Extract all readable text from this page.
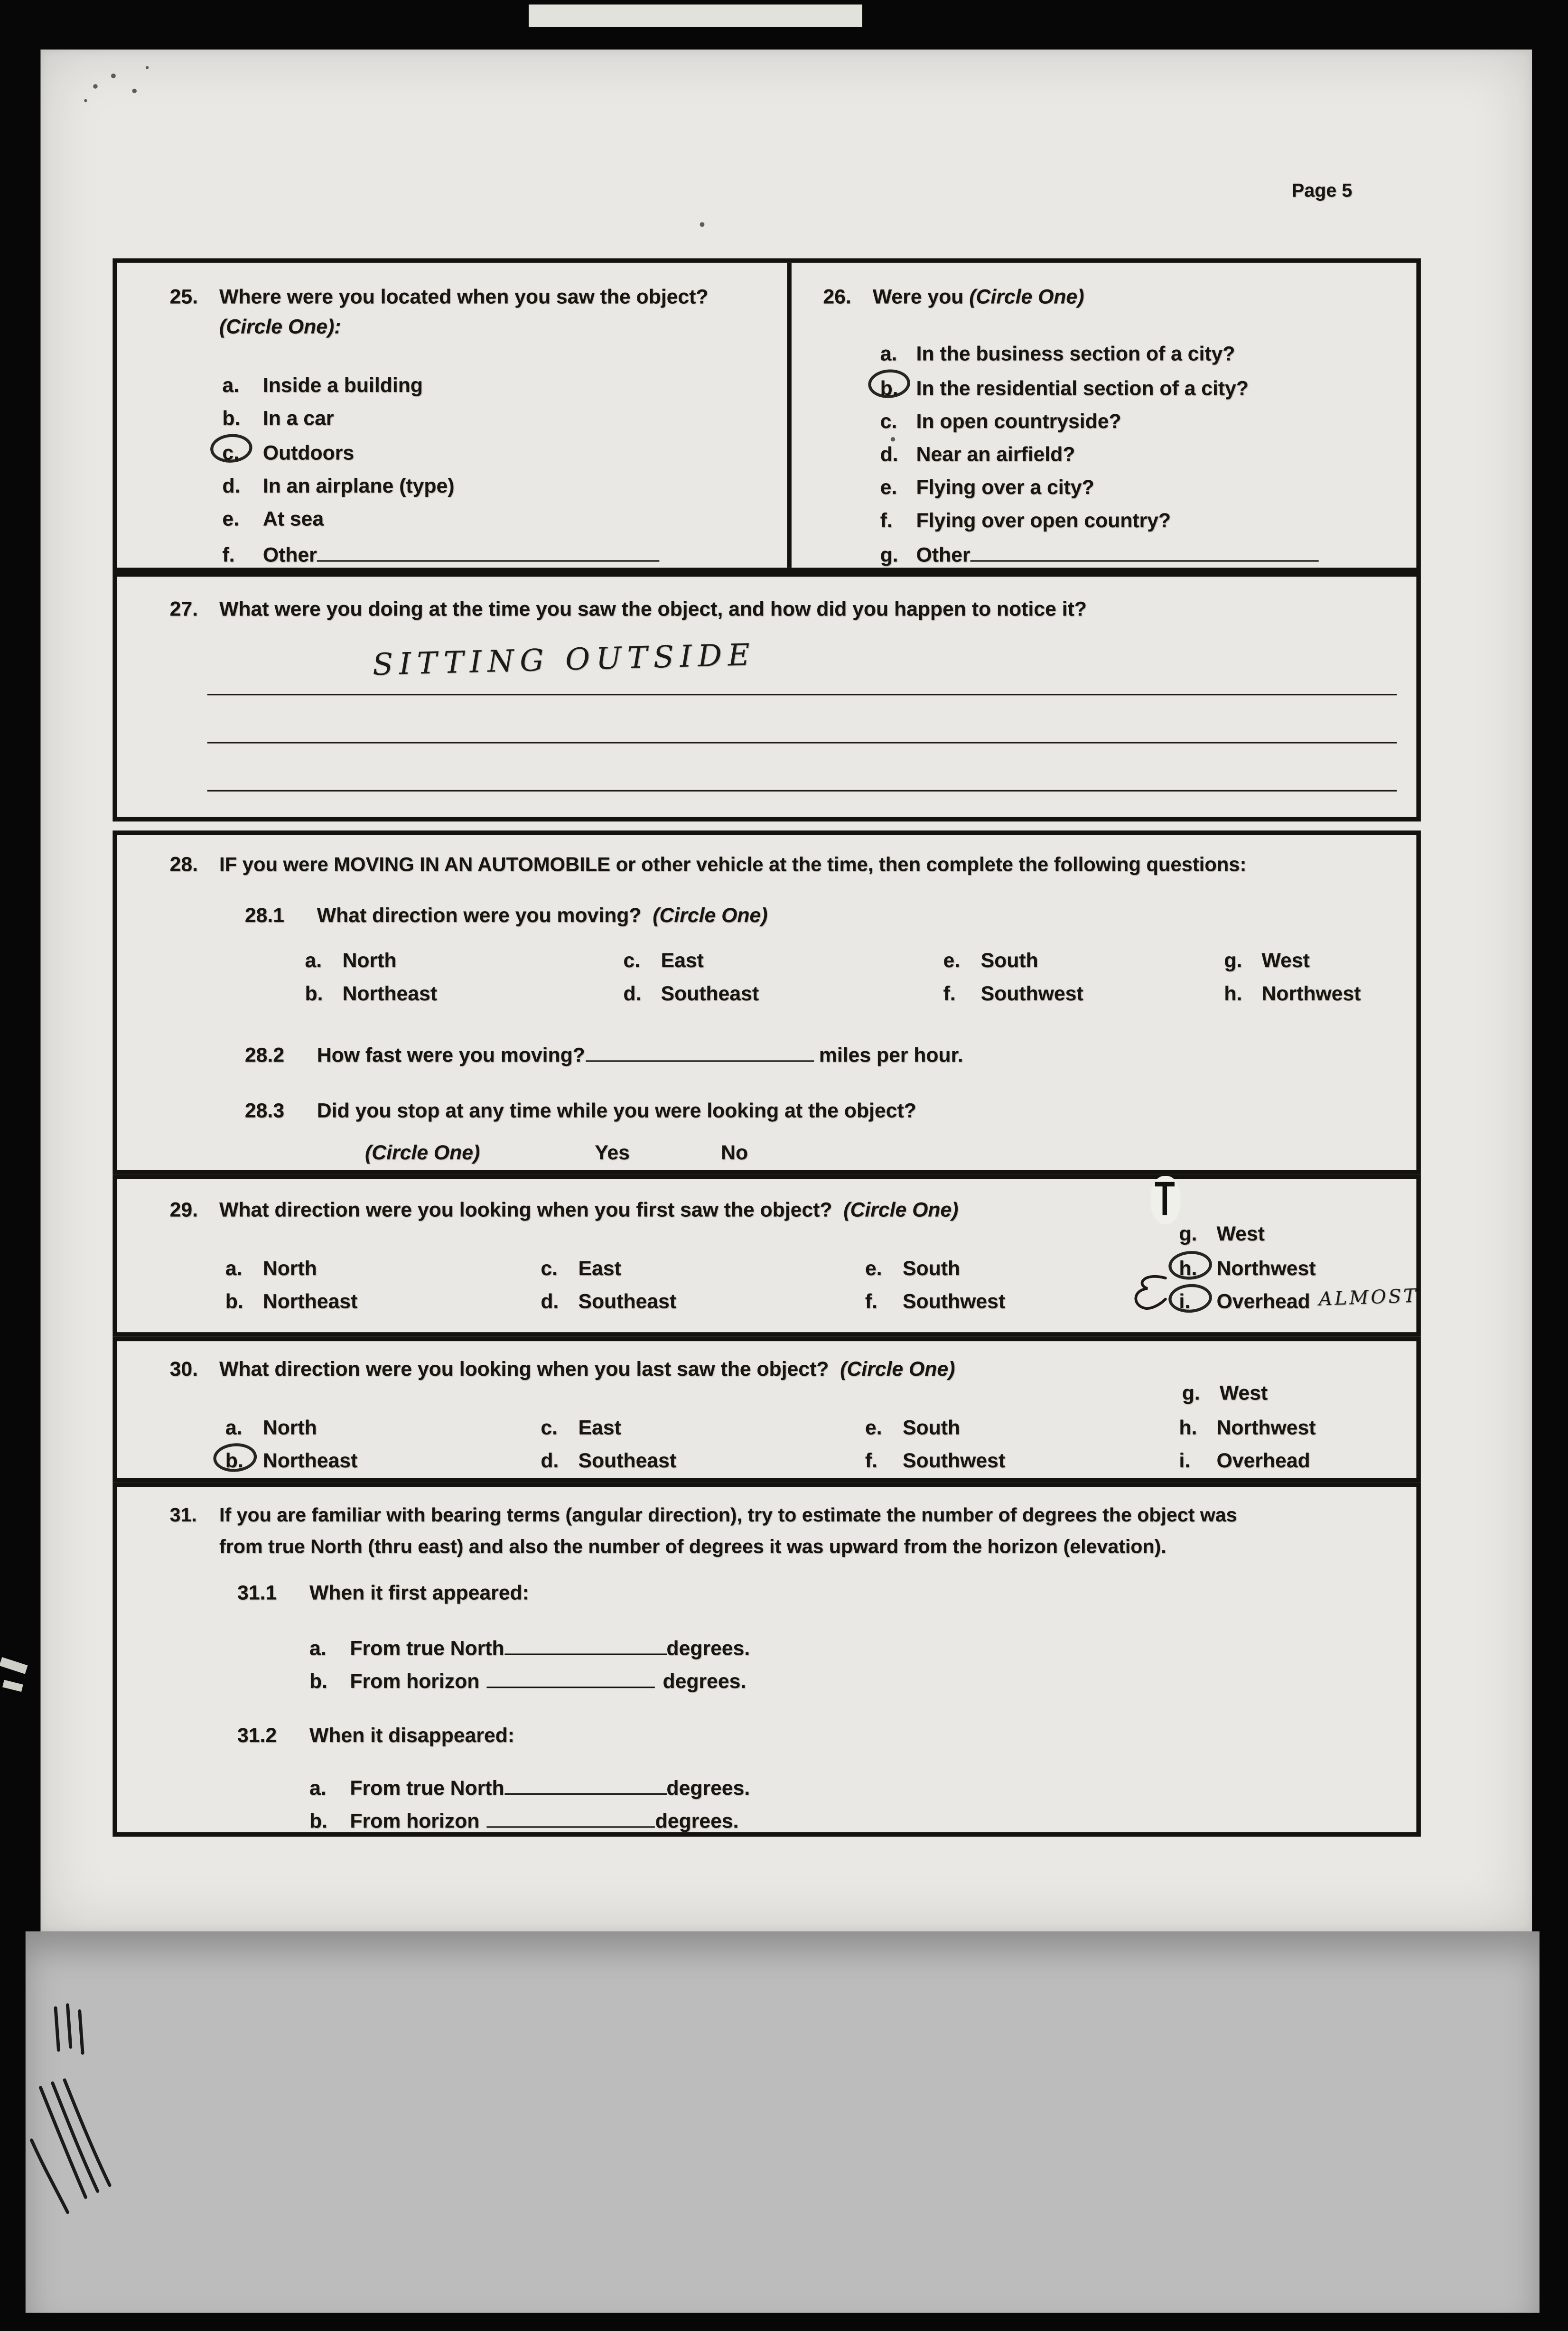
Page 5
25.	Where were you located when you saw the object?
(Circle One):
a.	Inside a building
b.	In a car
c.	Outdoors
d.	In an airplane (type)
e.	At sea
f.	Other
26.	Were you (Circle One)
a.	In the business section of a city?
b.	In the residential section of a city?
c.	In open countryside?
d.	Near an airfield?
e.	Flying over a city?
f.	Flying over open country?
g.	Other
27.	What were you doing at the time you saw the object, and how did you happen to notice it?
SITTING OUTSIDE
28.	IF you were MOVING IN AN AUTOMOBILE or other vehicle at the time, then complete the following questions:
28.1	What direction were you moving? (Circle One)
a.	North	c.	East	e.	South	g.	West
b.	Northeast	d.	Southeast	f.	Southwest	h.	Northwest
28.2	How fast were you moving?	miles per hour.
28.3	Did you stop at any time while you were looking at the object?
(Circle One)	Yes	No
29.	What direction were you looking when you first saw the object? (Circle One)
g.	West
a.	North	c.	East	e.	South	h.	Northwest
b.	Northeast	d.	Southeast	f.	Southwest	i.	Overhead ALMOST
30.	What direction were you looking when you last saw the object? (Circle One)
g.	West
a.	North	c.	East	e.	South	h.	Northwest
b.	Northeast	d.	Southeast	f.	Southwest	i.	Overhead
31.	If you are familiar with bearing terms (angular direction), try to estimate the number of degrees the object was
from true North (thru east) and also the number of degrees it was upward from the horizon (elevation).
31.1	When it first appeared:
a.	From true North	degrees.
b.	From horizon	degrees.
31.2	When it disappeared:
a.	From true North	degrees.
b.	From horizon	degrees.
